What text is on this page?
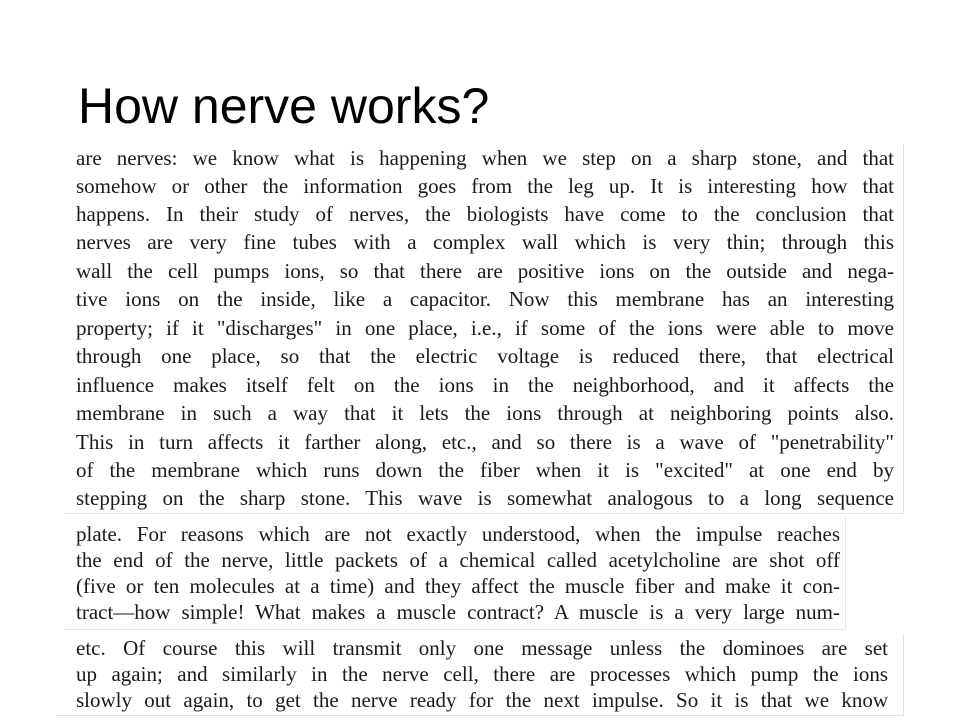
How nerve works?
are nerves: we know what is happening when we step on a sharp stone, and that
somehow or other the information goes from the leg up. It is interesting how that
happens. In their study of nerves, the biologists have come to the conclusion that
nerves are very fine tubes with a complex wall which is very thin; through this
wall the cell pumps ions, so that there are positive ions on the outside and nega-
tive ions on the inside, like a capacitor. Now this membrane has an interesting
property; if it "discharges" in one place, i.e., if some of the ions were able to move
through one place, so that the electric voltage is reduced there, that electrical
influence makes itself felt on the ions in the neighborhood, and it affects the
membrane in such a way that it lets the ions through at neighboring points also.
This in turn affects it farther along, etc., and so there is a wave of "penetrability"
of the membrane which runs down the fiber when it is "excited" at one end by
stepping on the sharp stone. This wave is somewhat analogous to a long sequence
plate. For reasons which are not exactly understood, when the impulse reaches
the end of the nerve, little packets of a chemical called acetylcholine are shot off
(five or ten molecules at a time) and they affect the muscle fiber and make it con-
tract—how simple! What makes a muscle contract? A muscle is a very large num-
etc. Of course this will transmit only one message unless the dominoes are set
up again; and similarly in the nerve cell, there are processes which pump the ions
slowly out again, to get the nerve ready for the next impulse. So it is that we know
